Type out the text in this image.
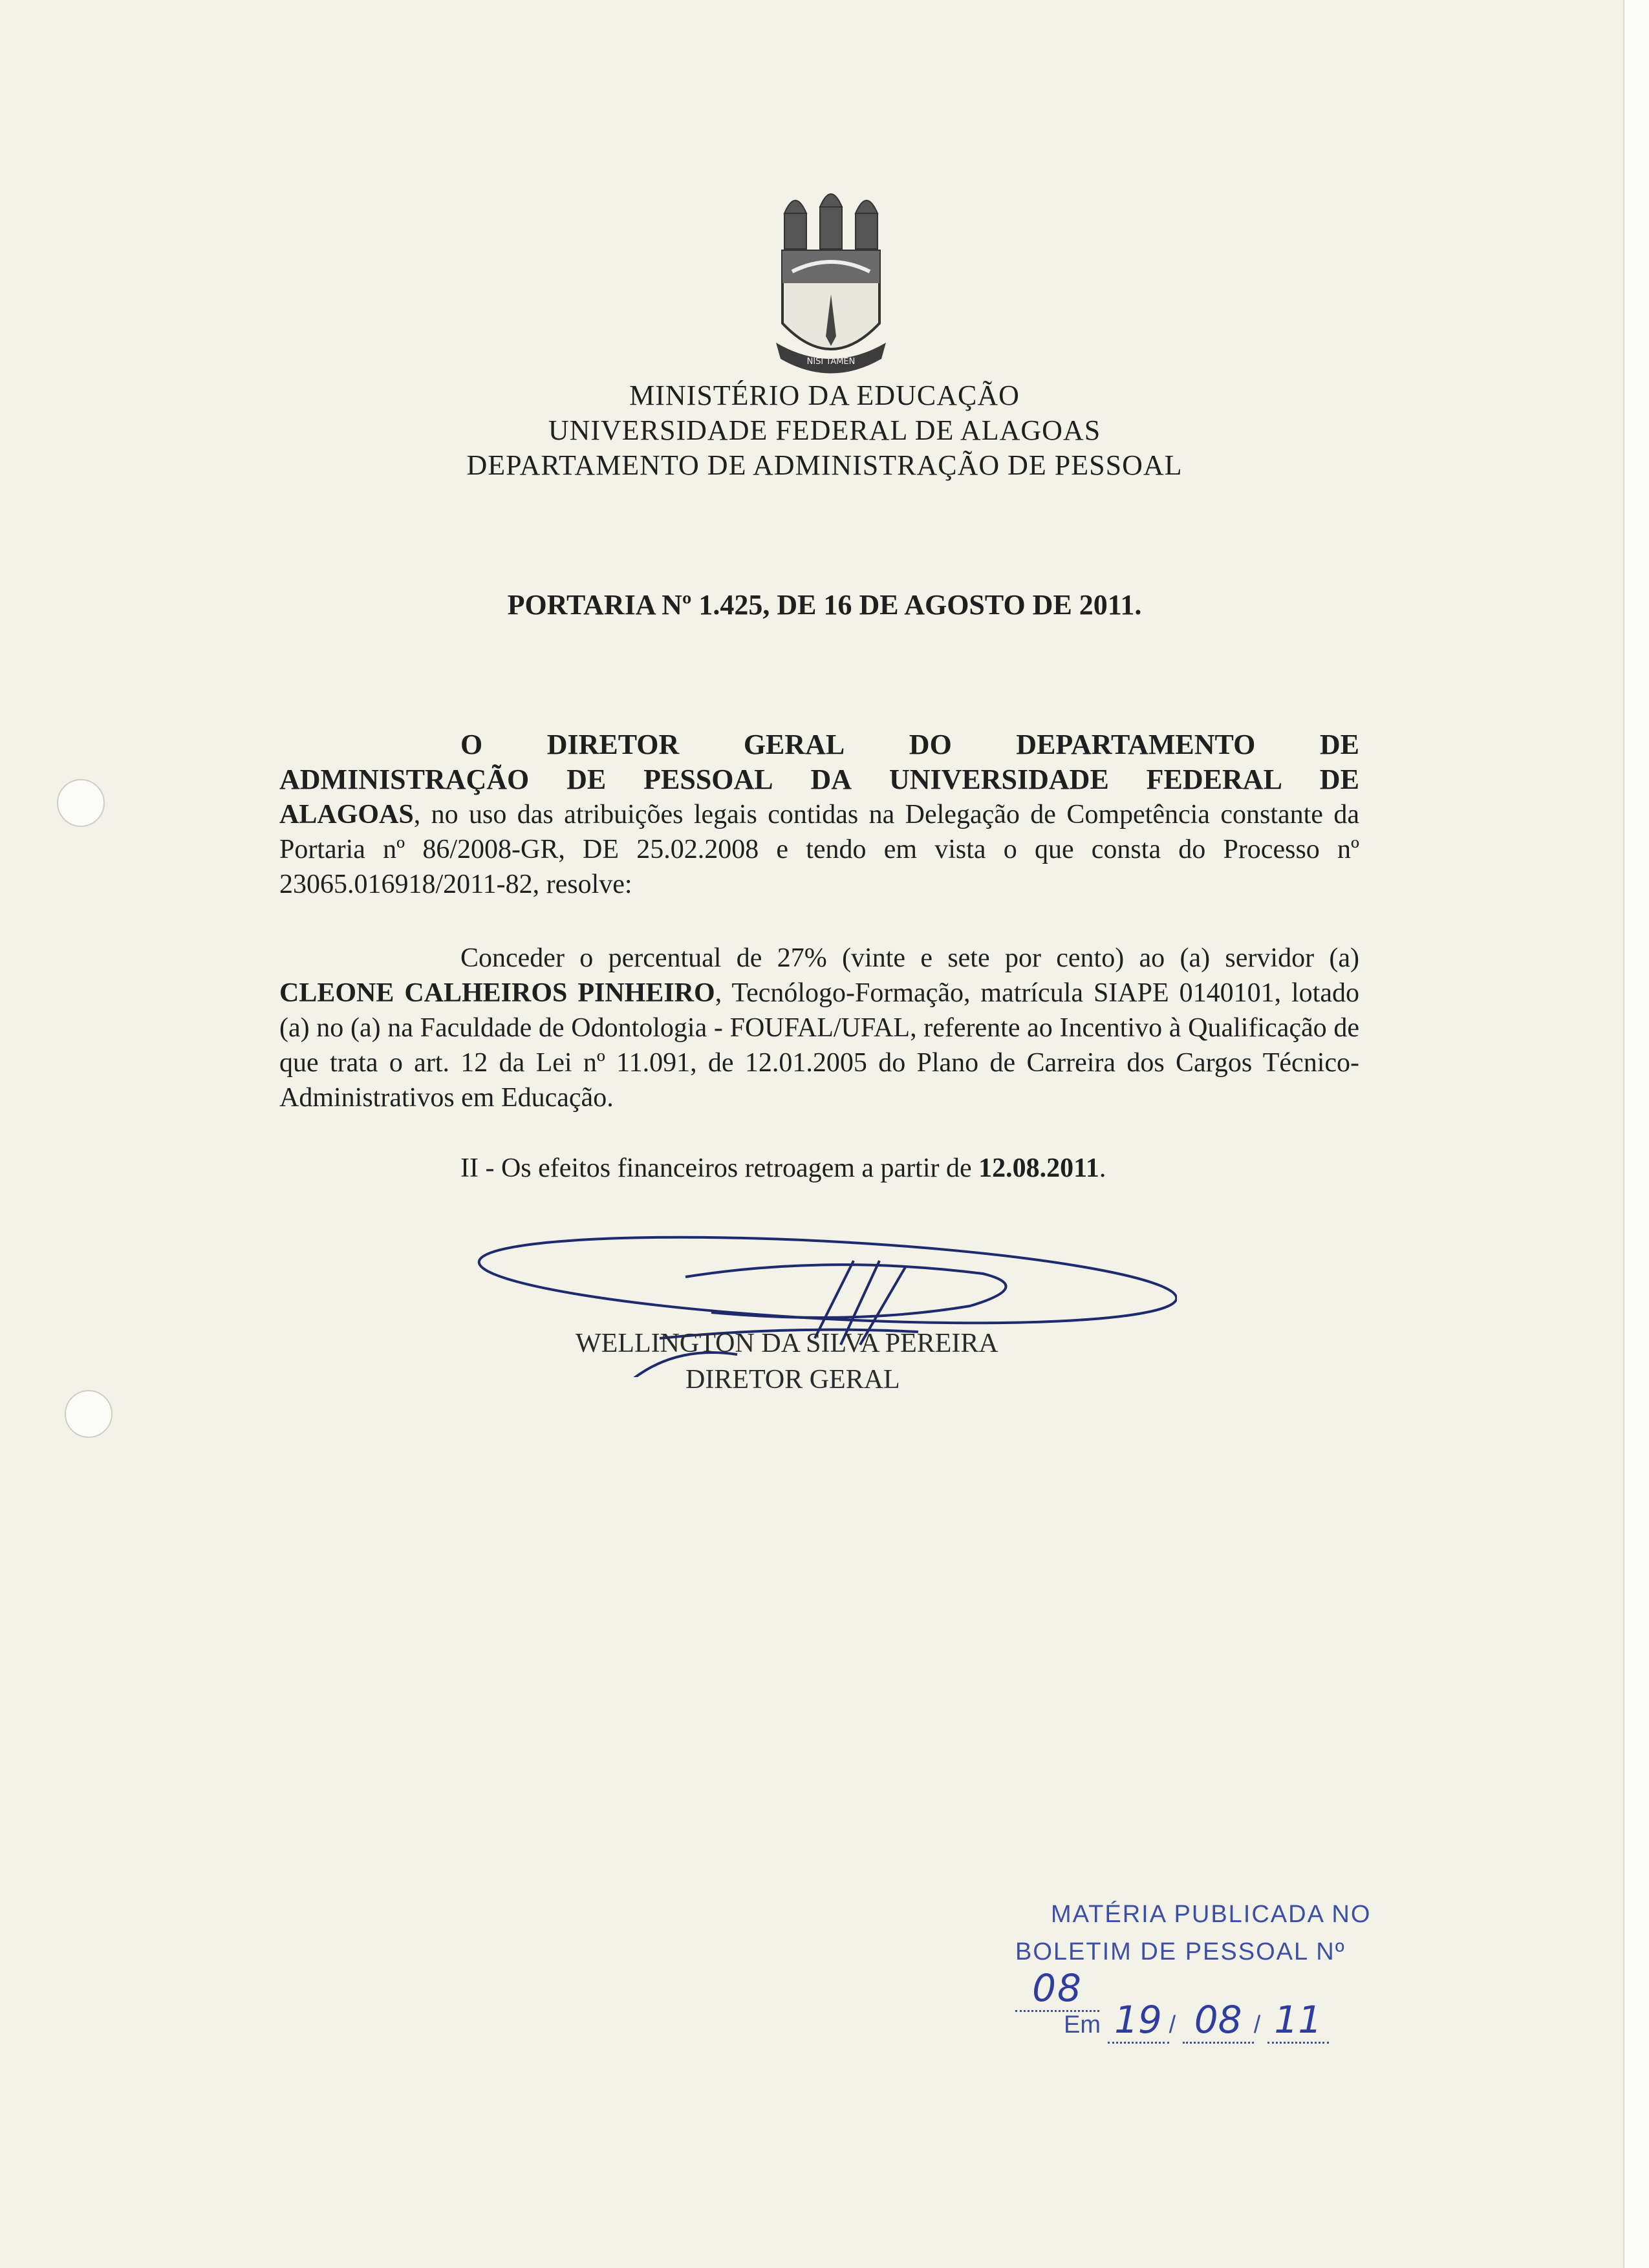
NISI TAMEN
MINISTÉRIO DA EDUCAÇÃO
UNIVERSIDADE FEDERAL DE ALAGOAS
DEPARTAMENTO DE ADMINISTRAÇÃO DE PESSOAL
PORTARIA Nº 1.425, DE 16 DE AGOSTO DE 2011.
O DIRETOR GERAL DO DEPARTAMENTO DE
ADMINISTRAÇÃO DE PESSOAL DA UNIVERSIDADE FEDERAL DE
ALAGOAS, no uso das atribuições legais contidas na Delegação de Competência constante da Portaria nº 86/2008-GR, DE 25.02.2008 e tendo em vista o que consta do Processo nº 23065.016918/2011-82, resolve:
Conceder o percentual de 27% (vinte e sete por cento) ao (a) servidor (a) CLEONE CALHEIROS PINHEIRO, Tecnólogo-Formação, matrícula SIAPE 0140101, lotado (a) no (a) na Faculdade de Odontologia - FOUFAL/UFAL, referente ao Incentivo à Qualificação de que trata o art. 12 da Lei nº 11.091, de 12.01.2005 do Plano de Carreira dos Cargos Técnico-Administrativos em Educação.
II - Os efeitos financeiros retroagem a partir de 12.08.2011.
WELLINGTON DA SILVA PEREIRA
DIRETOR GERAL
MATÉRIA PUBLICADA NO
BOLETIM DE PESSOAL Nº 08
Em 19 / 08 / 11
